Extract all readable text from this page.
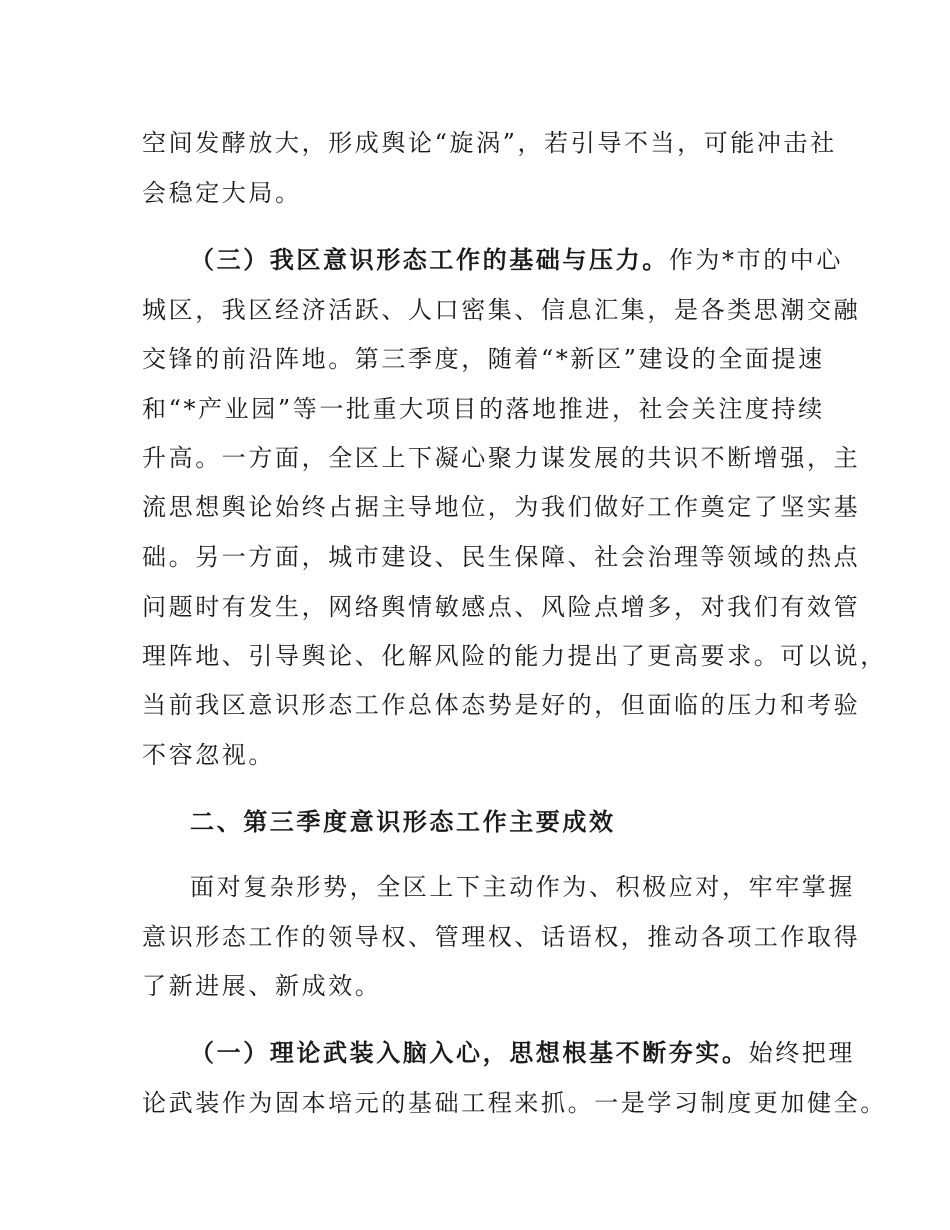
空间发酵放大，形成舆论“旋涡”，若引导不当，可能冲击社
会稳定大局。
（三）我区意识形态工作的基础与压力。作为*市的中心
城区，我区经济活跃、人口密集、信息汇集，是各类思潮交融
交锋的前沿阵地。第三季度，随着“*新区”建设的全面提速
和“*产业园”等一批重大项目的落地推进，社会关注度持续
升高。一方面，全区上下凝心聚力谋发展的共识不断增强，主
流思想舆论始终占据主导地位，为我们做好工作奠定了坚实基
础。另一方面，城市建设、民生保障、社会治理等领域的热点
问题时有发生，网络舆情敏感点、风险点增多，对我们有效管
理阵地、引导舆论、化解风险的能力提出了更高要求。可以说，
当前我区意识形态工作总体态势是好的，但面临的压力和考验
不容忽视。
二、第三季度意识形态工作主要成效
面对复杂形势，全区上下主动作为、积极应对，牢牢掌握
意识形态工作的领导权、管理权、话语权，推动各项工作取得
了新进展、新成效。
（一）理论武装入脑入心，思想根基不断夯实。始终把理
论武装作为固本培元的基础工程来抓。一是学习制度更加健全。
